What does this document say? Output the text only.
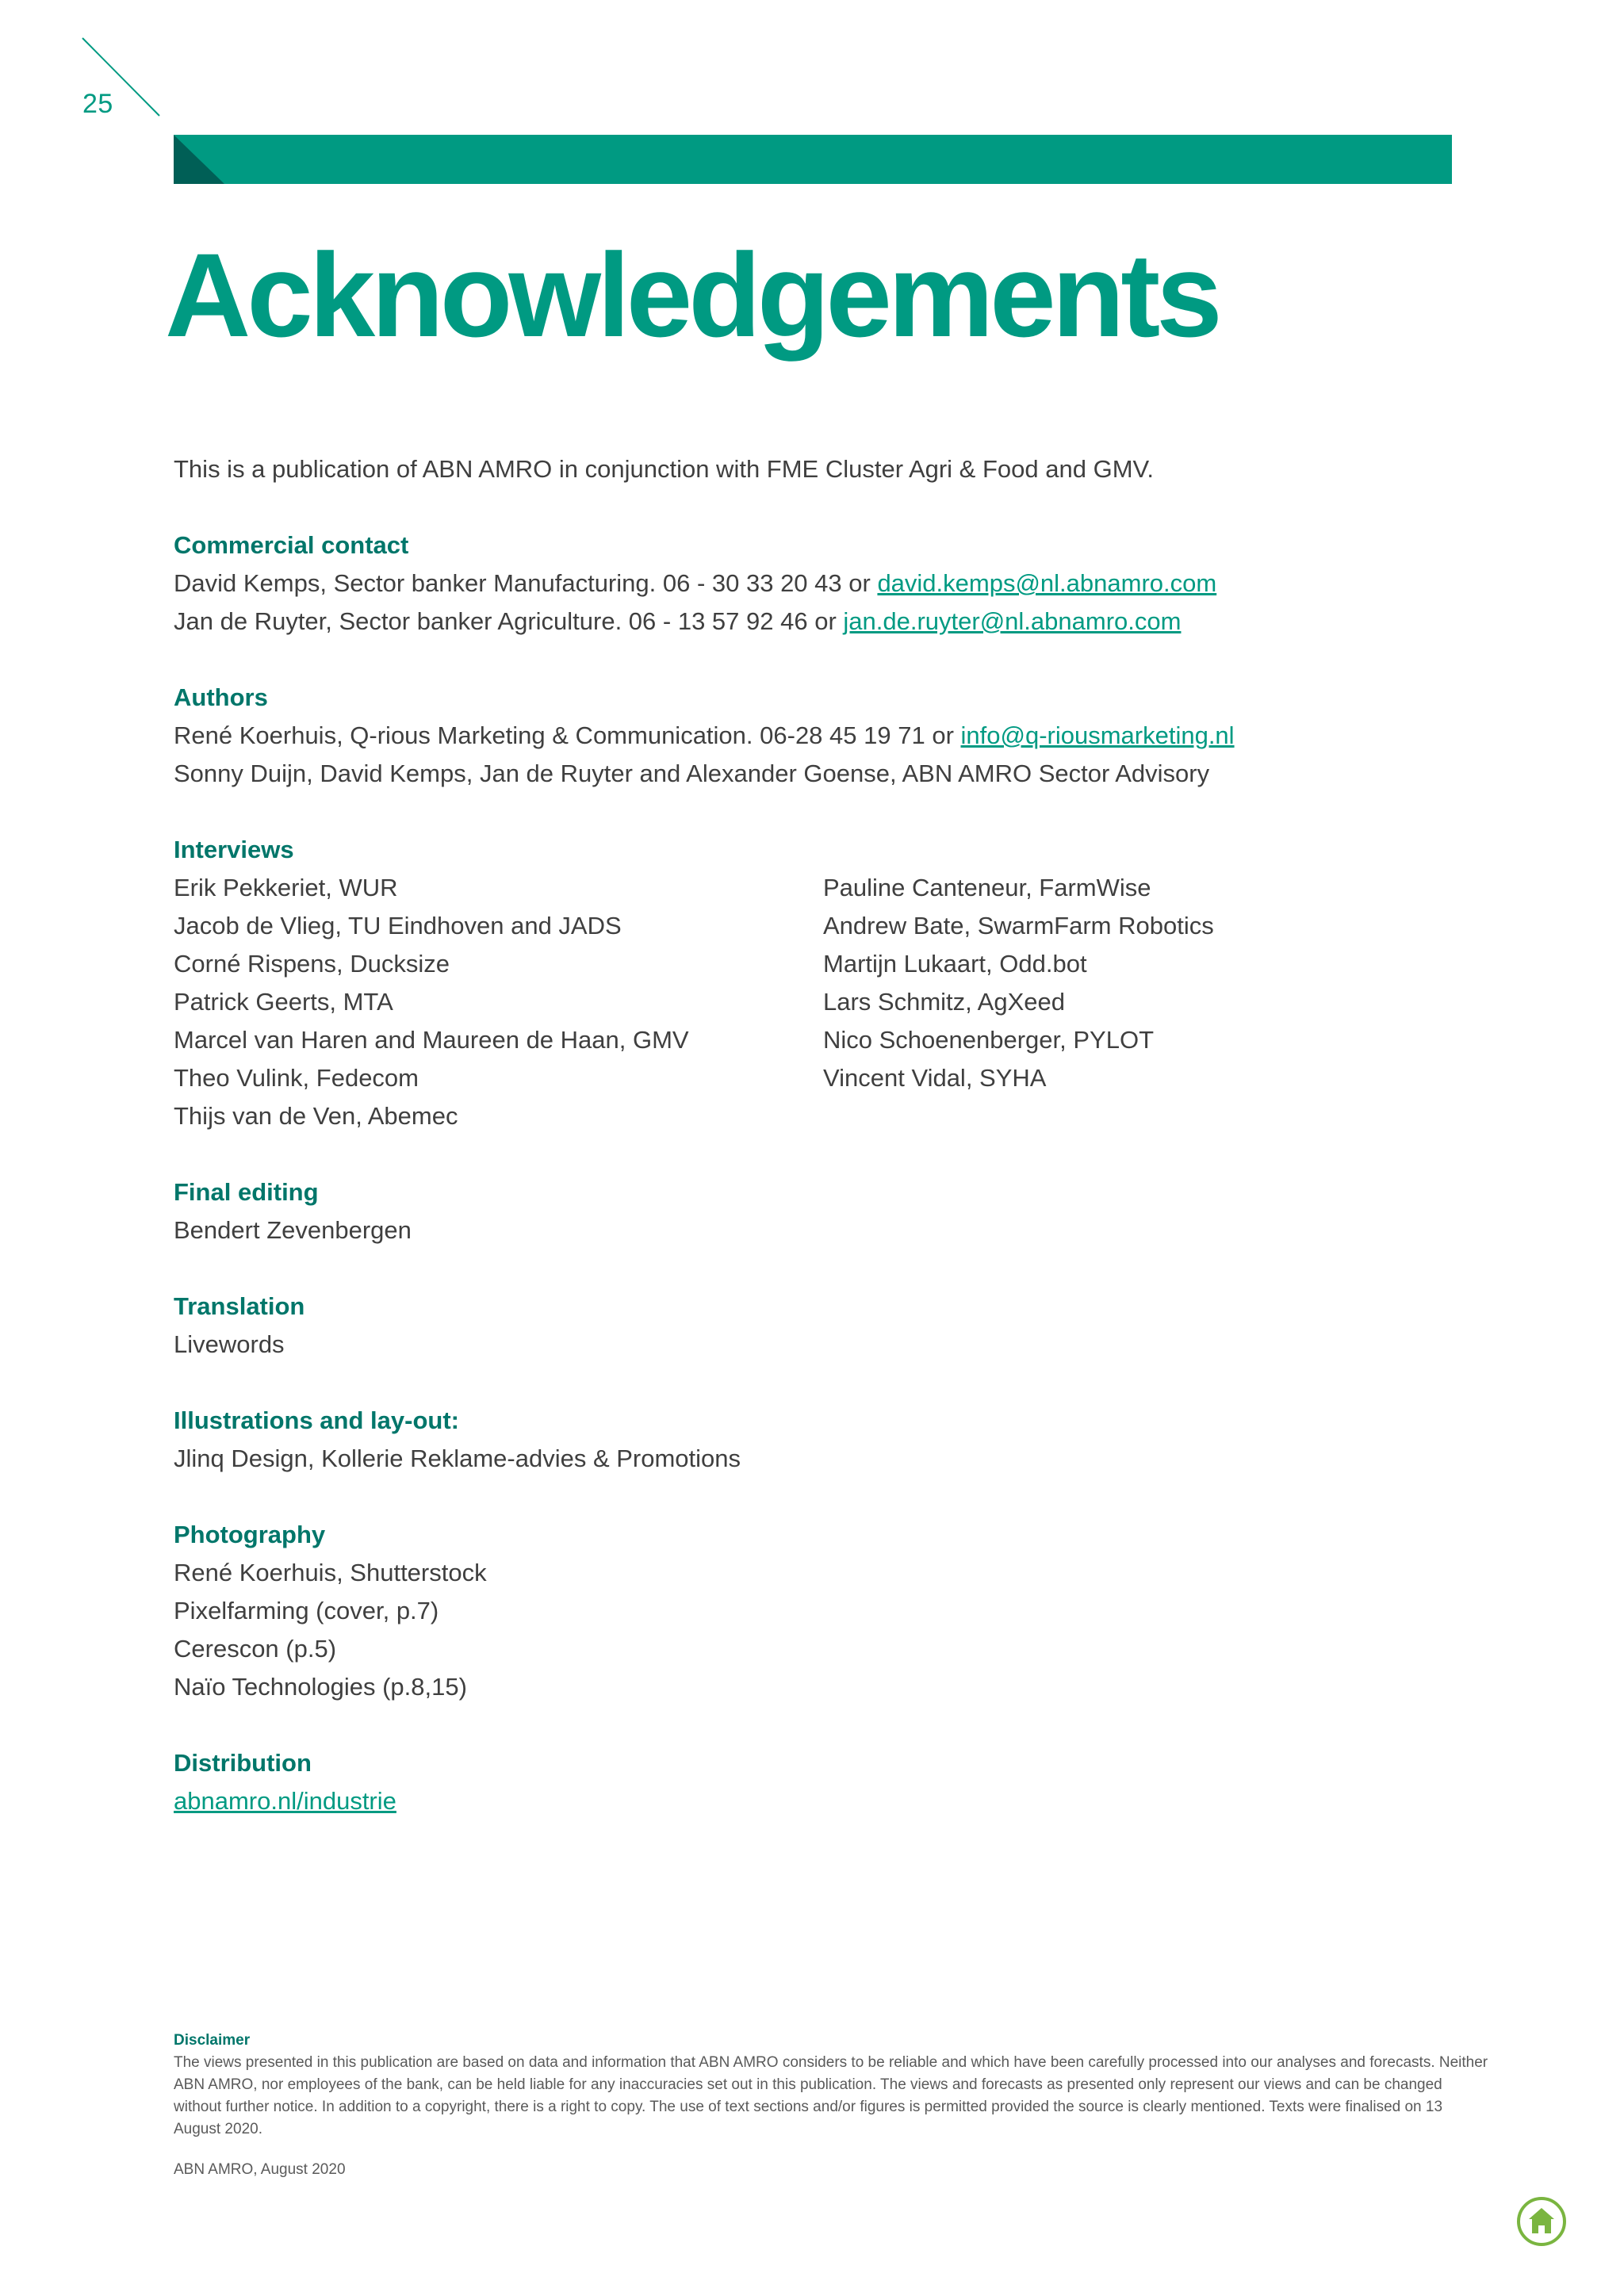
25
Acknowledgements

This is a publication of ABN AMRO in conjunction with FME Cluster Agri & Food and GMV.

Commercial contact

David Kemps, Sector banker Manufacturing. 06 - 30 33 20 43 or david.kemps@nl.abnamro.com

Jan de Ruyter, Sector banker Agriculture. 06 - 13 57 92 46 or jan.de.ruyter@nl.abnamro.com

Authors

René Koerhuis, Q-rious Marketing & Communication. 06-28 45 19 71 or info@q-riousmarketing.nl

Sonny Duijn, David Kemps, Jan de Ruyter and Alexander Goense, ABN AMRO Sector Advisory

Interviews

Erik Pekkeriet, WUR

Jacob de Vlieg, TU Eindhoven and JADS

Corné Rispens, Ducksize

Patrick Geerts, MTA

Marcel van Haren and Maureen de Haan, GMV

Theo Vulink, Fedecom

Thijs van de Ven, Abemec

Pauline Canteneur, FarmWise

Andrew Bate, SwarmFarm Robotics

Martijn Lukaart, Odd.bot

Lars Schmitz, AgXeed

Nico Schoenenberger, PYLOT

Vincent Vidal, SYHA

Final editing

Bendert Zevenbergen

Translation

Livewords

Illustrations and lay-out:

Jlinq Design, Kollerie Reklame-advies & Promotions

Photography

René Koerhuis, Shutterstock

Pixelfarming (cover, p.7)

Cerescon (p.5)

Naïo Technologies (p.8,15)

Distribution

abnamro.nl/industrie

Disclaimer
The views presented in this publication are based on data and information that ABN AMRO considers to be reliable and which have been carefully processed into our analyses and forecasts. Neither ABN AMRO, nor employees of the bank, can be held liable for any inaccuracies set out in this publication. The views and forecasts as presented only represent our views and can be changed without further notice. In addition to a copyright, there is a right to copy. The use of text sections and/or figures is permitted provided the source is clearly mentioned. Texts were finalised on 13 August 2020.
ABN AMRO, August 2020
